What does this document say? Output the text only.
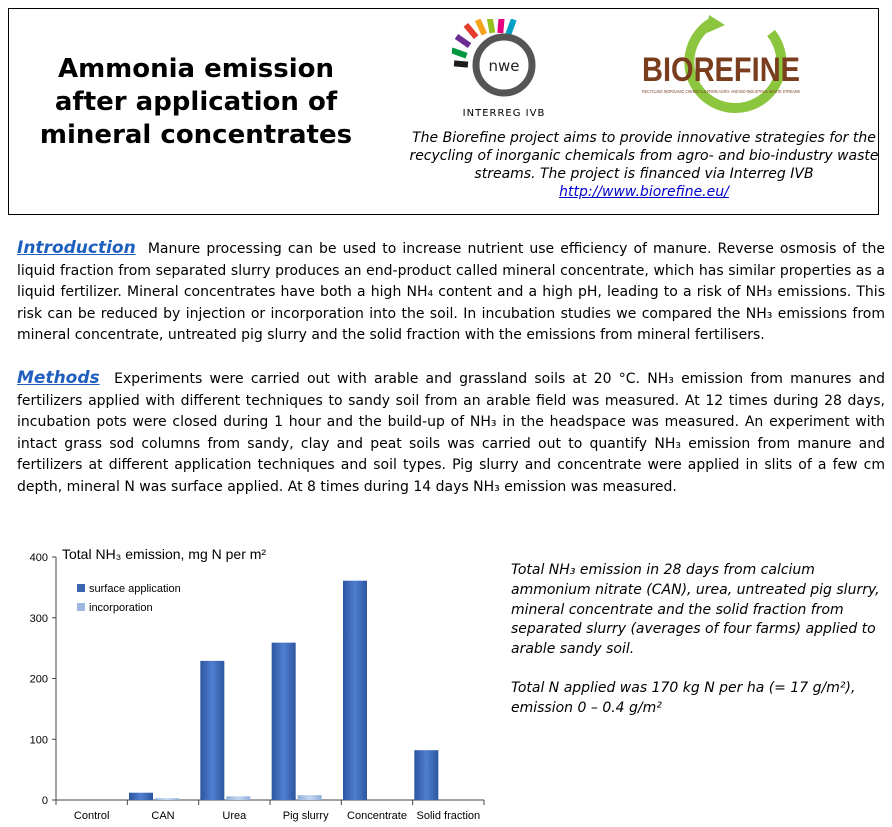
Ammonia emission
after application of
mineral concentrates
nwe
INTERREG IVB
BIOREFINE
RECYCLING INORGANIC CHEMICALS FROM AGRO- AND BIO-INDUSTRIAL WASTE STREAMS
The Biorefine project aims to provide innovative strategies for the recycling of inorganic chemicals from agro- and bio-industry waste streams. The project is financed via Interreg IVB
http://www.biorefine.eu/
Introduction Manure processing can be used to increase nutrient use efficiency of manure. Reverse osmosis of the liquid fraction from separated slurry produces an end-product called mineral concentrate, which has similar properties as a liquid fertilizer. Mineral concentrates have both a high NH₄ content and a high pH, leading to a risk of NH₃ emissions. This risk can be reduced by injection or incorporation into the soil. In incubation studies we compared the NH₃ emissions from mineral concentrate, untreated pig slurry and the solid fraction with the emissions from mineral fertilisers.
Methods Experiments were carried out with arable and grassland soils at 20 °C. NH₃ emission from manures and fertilizers applied with different techniques to sandy soil from an arable field was measured. At 12 times during 28 days, incubation pots were closed during 1 hour and the build-up of NH₃ in the headspace was measured. An experiment with intact grass sod columns from sandy, clay and peat soils was carried out to quantify NH₃ emission from manure and fertilizers at different application techniques and soil types. Pig slurry and concentrate were applied in slits of a few cm depth, mineral N was surface applied. At 8 times during 14 days NH₃ emission was measured.
Total NH₃ emission, mg N per m²
0
100
200
300
400
Control	CAN	Urea	Pig slurry Concentrate Solid fraction
surface application
incorporation

Total NH₃ emission in 28 days from calcium ammonium nitrate (CAN), urea, untreated pig slurry, mineral concentrate and the solid fraction from separated slurry (averages of four farms) applied to arable sandy soil.

Total N applied was 170 kg N per ha (= 17 g/m²), emission 0 – 0.4 g/m²
